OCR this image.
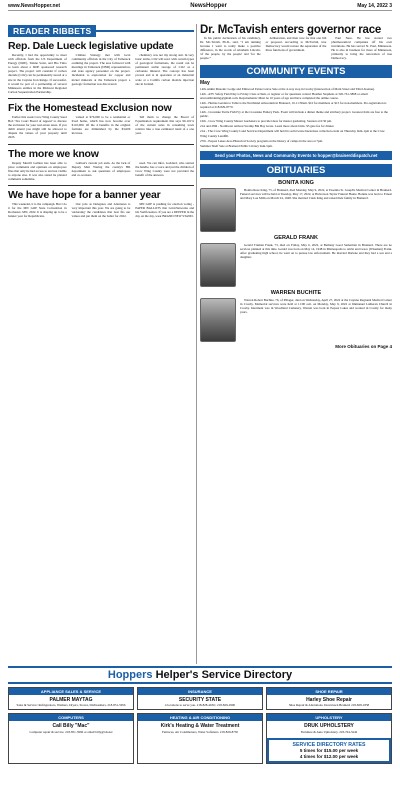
www.NewsHopper.net	NewsHopper	May 14, 2022 3
READER RIBBETS
Rep. Dale Lueck legislative update

Recently, I had the opportunity to meet with officials from the US Department of Energy (DOE), Tulane Solar, and Bio Tinto to learn about a DOE sponsored research project. The project will consider if carbon dioxide (CO2) can be permanently stored at a site in the Cuyuna Iron Range. If successful, it would be part of a partnership of several Minnesota entities in the Midwest Regional Carbon Sequestration Partnership.

Climate Strategy met with local community officials in the City of Tamarack outlining the project. The area followed with meetings in Tamarack (DNR) representatives and state agency personnel on the project. Incidental to exploration for copper and nickel minerals at the Tamarack project a geologic formation was discovered.

chemistry was not my strong suit. In very basic terms, CO2 will react with certain types of geological formations, the result can be permanent stable storage of CO2 as a carbonate mineral. The concept has been proven and is in operation at an industrial scale at a Carbfix carbon dioxide injection site in Iceland.

Fix the Homestead Exclusion now

Earlier this week Crow Wing County Sued Bob 'Tax Court Board of Appeal' to discuss the exclusion for your real estate taxes. If you didn't attend you might still be allowed to dispute the values of your property until 2023.

valued at $76,000 to be a residential or lived home, which has now become over $110,000. Of the 4 benefits in the original formula are diminished by the $3,600 increase.

Tell them to change the Board of Equalization requirement that says 90-101% of the current sales in consulting town relative like a true estimated trend of a one year.

The more we know

Deputy Merrill Gallion has been able to place comments and opinions on employees files that only he had access to and not visible to anyone else. It was also stated he planted comments sometime.

Gallion's current job ends. As the lack of Deputy Matt Waring the county's HR department to ask questions of employees and co-workers.

used. We can infer, Goddard, who started the handle, has a voice and put the children of Crow Wing County were not provided the benefit of the answers.

We have hope for a banner year

This weekend, it is the campaign. But I do it for the MN GOP State Convention in Rochester, MN, 2022. It is shaping up to be a banner year for Republicans.

Our jobs as Delegates and Alternates is very important this year. We are going to be 'endorsing' the candidates that best fits our values and put them on the ballot for 2022.

MN GOP is pushing for election voting - PAPER BALLOTS that Grid-Networks and Ids Verificuentes. If you are a DEEPER in the day on the day, wear BRAND NEW STAND.

Dr. McTavish enters governor race

In his public declaration of his candidacy, Dr. Mc-Tavish, Ph.D., said, "I am running because I want to really make a positive difference, in the words of Abraham Lincoln, 'of the people, by the people' and 'for the people.'"

deliberation, and then vote for that one bill or proposal. According to McTavish, true Democracy would restore the separation of the three functions of government.

Paul Ness. He has started two pharmaceutical companies off his own inventions. He has served St. Paul, Minnesota. He is also in business for more of Minnesota, primarily to bring the renovation of true Democracy.

COMMUNITY EVENTS
May
14th-Aitkin Masonic Lodge and Elmwood Estate Grave Sale at the 4-way stop in Crosby (intersection of Main Street and Third Avenue).
14th - ATV Safety Field Day is Friday Class at 9am, or register or for questions contact Heather Stephens at 320-761-5868 or email ursvouthtraining@gmail.com. Requirements: Must be 10 years of age and have completed the online course.
14th - Heritas Garden to Table is the Northland Arboretum in Brainerd, 10-11:30am. $10 for members or $15 for non-members. Pre-registration is required at 218-829-8770.
14th - Crosslake Turtle Fish Fry at the Crosslake Fishery Park. Event will include a dinner theme and stitchery project. Greatest Kids are free to the public.
16th - Crow Wing County Master Gardeners to provide ideas for master gardening. Session at 6:30 pm.
21st and 28th - Northwest Airboat Swamp Bin Bay Grass. Learn more about birds. $5 gate fee for dinner.
21st - The Crow Wing County Land Services Department will hold its solid waste hazardous collection event on Thursday 9am-1pm at the Crow Wing County Landfill.
27th - Pequot Lakes Area Historical Society program on the history of camps in the area at 7pm.
Summer Shelf Sale at Brainerd Public Library 9am-5pm.
Send your Photos, News and Community Events to hopper@brainerddispatch.net
OBITUARIES
BONITA KING

Bonita Rose King, 75, of Brainerd, died Monday, May 9, 2022, at Essentia St. Joseph's Medical Center in Brainerd. Funeral services will be held at Tuesday, May 17, 2022, at Halvorson Taylor Funeral Home. Bonnie was born to Ernest and Mary Lou Mills on March 24, 1948. She married Clark King and raised their family in Brainerd.

GERALD FRANK

Gerald Truman Frank, 73, died on Friday, May 6, 2022, at Bethany Good Samaritan in Brainerd. There are no services planned at this time. Gerald was born on May 14, 1948 in Minneapolis to Alvin and Grace (Wiseman) Frank. After graduating high school, he went on to pursue law enforcement. He married Darlene and they had a son and a daughter.

WARREN BUCHITE

Warren Robert Buchite, 76, of Pillager, died on Wednesday, April 27, 2022 at the Cuyuna Regional Medical Center in Crosby. Memorial services were held at 11:00 a.m. on Monday, May 9, 2022 at Immanuel Lutheran Church in Crosby. Interment was in Woodland Cemetery. Warren was born in Pequot Lakes and worked in Crosby for many years.

More Obituaries on Page 4
Hoppers Helper's Service Directory
APPLIANCE SALES & SERVICE
PALMER MAYTAG
Sales & Service: Refrigerators, Washers, Dryers, Stoves, Dishwashers. 218-851-5956
INSURANCE
SECURITY STATE
4 locations to serve you. 218-828-4636 | 218-829-2900
SHOE REPAIR
Harley Shoe Repair
Shoe Repair & Alterations. Downtown Brainerd 218-828-1858
COMPUTERS
Call Billy "Mac"
Computer repair & service. 218-851-5996 or email billy@tds.net
HEATING & AIR CONDITIONING
Kirk's Heating & Water Treatment
Furnaces, Air Conditioners, Water Softeners. 218-829-8730
UPHOLSTERY
DRUK UPHOLSTERY
Furniture & Auto Upholstery. 218-764-3242
SERVICE DIRECTORY RATES
5 times for $15.00 per week
4 times for $12.00 per week
